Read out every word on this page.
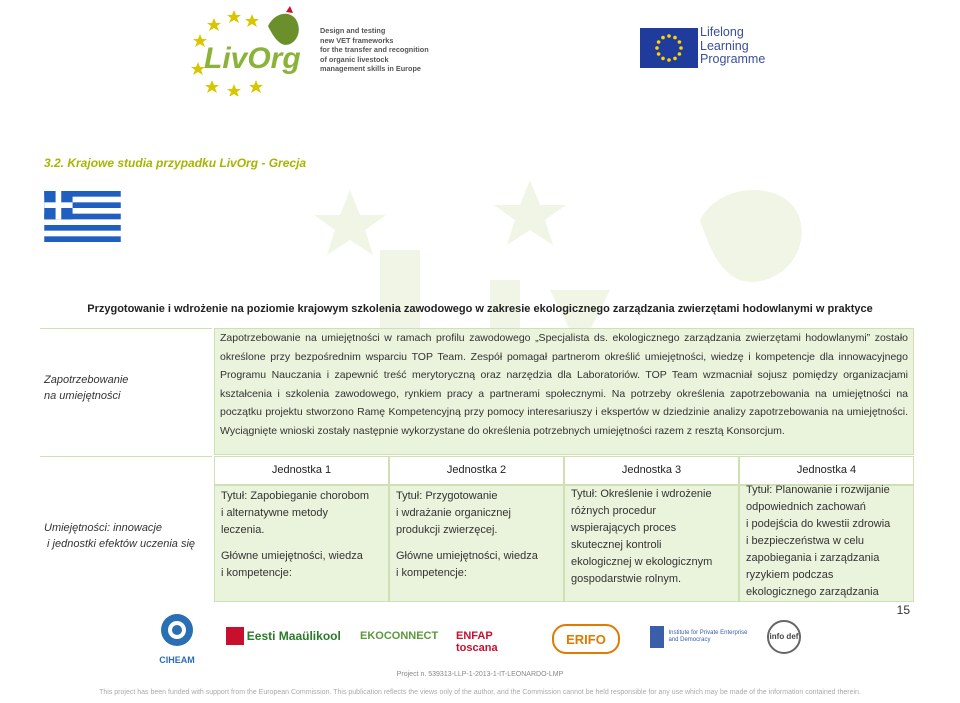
LivOrg
Design and testing
new VET frameworks
for the transfer and recognition
of organic livestock
management skills in Europe
Lifelong
Learning
Programme
3.2. Krajowe studia przypadku LivOrg - Grecja
Przygotowanie i wdrożenie na poziomie krajowym szkolenia zawodowego w zakresie ekologicznego zarządzania zwierzętami hodowlanymi w praktyce
Zapotrzebowanie
na umiejętności
Zapotrzebowanie na umiejętności w ramach profilu zawodowego „Specjalista ds. ekologicznego zarządzania zwierzętami hodowlanymi” zostało określone przy bezpośrednim wsparciu TOP Team. Zespół pomagał partnerom określić umiejętności, wiedzę i kompetencje dla innowacyjnego Programu Nauczania i zapewnić treść merytoryczną oraz narzędzia dla Laboratoriów. TOP Team wzmacniał sojusz pomiędzy organizacjami kształcenia i szkolenia zawodowego, rynkiem pracy a partnerami społecznymi. Na potrzeby określenia zapotrzebowania na umiejętności na początku projektu stworzono Ramę Kompetencyjną przy pomocy interesariuszy i ekspertów w dziedzinie analizy zapotrzebowania na umiejętności. Wyciągnięte wnioski zostały następnie wykorzystane do określenia potrzebnych umiejętności razem z resztą Konsorcjum.
Umiejętności: innowacje
i jednostki efektów uczenia się
Jednostka 1
Tytuł: Zapobieganie chorobom
i alternatywne metody
leczenia.
Główne umiejętności, wiedza
i kompetencje:
Jednostka 2
Tytuł: Przygotowanie
i wdrażanie organicznej
produkcji zwierzęcej.
Główne umiejętności, wiedza
i kompetencje:
Jednostka 3
Tytuł: Określenie i wdrożenie
różnych procedur
wspierających proces
skutecznej kontroli
ekologicznej w ekologicznym
gospodarstwie rolnym.
Jednostka 4
Tytuł: Planowanie i rozwijanie
odpowiednich zachowań
i podejścia do kwestii zdrowia
i bezpieczeństwa w celu
zapobiegania i zarządzania
ryzykiem podczas
ekologicznego zarządzania
15
CIHEAM
Eesti Maaülikool EKOCONNECT	ENFAP toscana
ERIFO	Institute for Private Enterprise and Democracy	info def
Project n. 539313-LLP-1-2013-1-IT-LEONARDO-LMP
This project has been funded with support from the European Commission. This publication reflects the views only of the author, and the Commission cannot be held responsible for any use which may be made of the information contained therein.
